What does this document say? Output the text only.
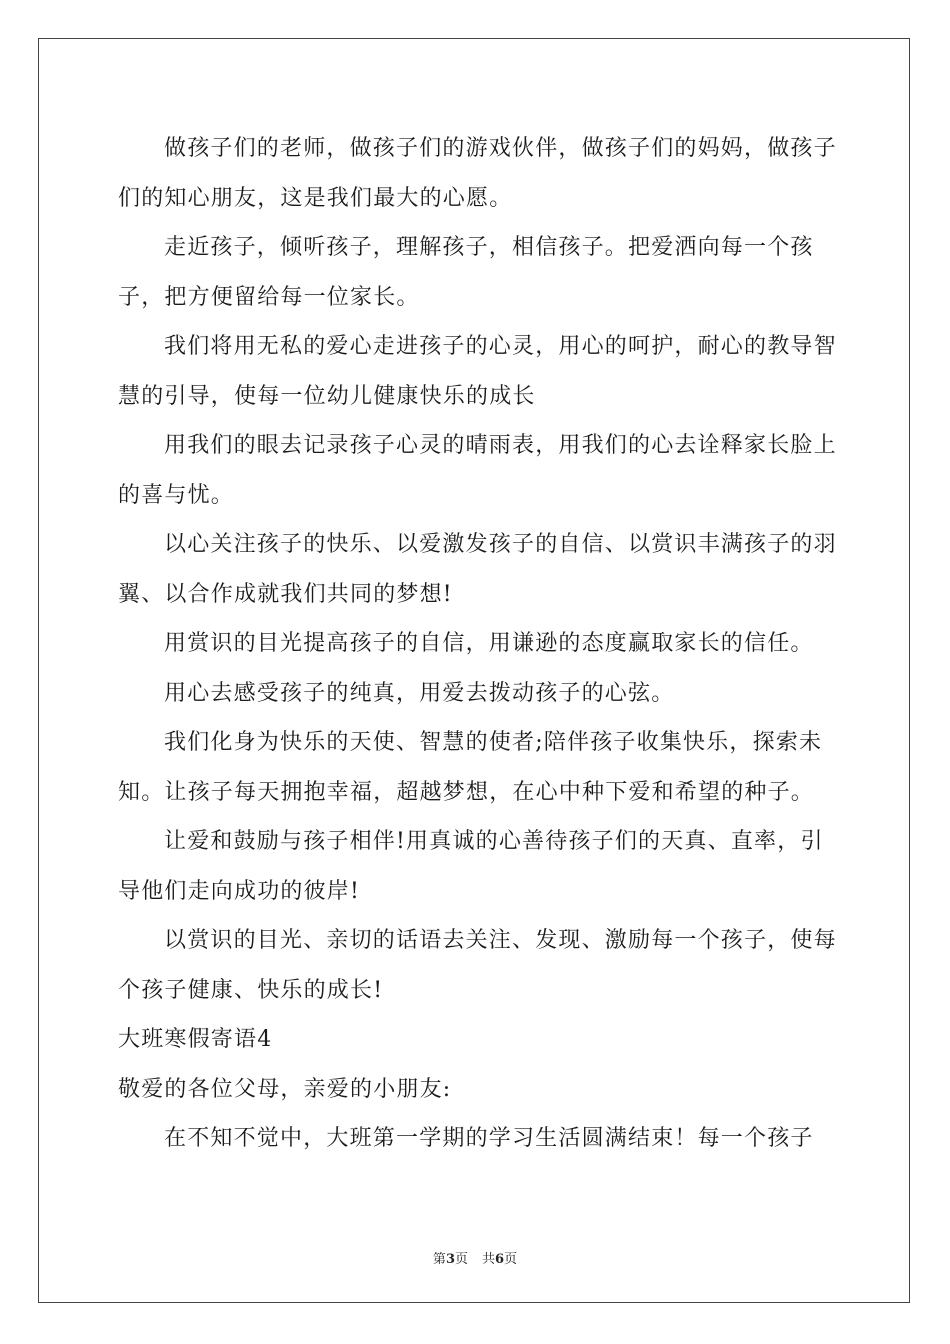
做孩子们的老师，做孩子们的游戏伙伴，做孩子们的妈妈，做孩子们的知心朋友，这是我们最大的心愿。

走近孩子，倾听孩子，理解孩子，相信孩子。把爱洒向每一个孩子，把方便留给每一位家长。

我们将用无私的爱心走进孩子的心灵，用心的呵护，耐心的教导智慧的引导，使每一位幼儿健康快乐的成长

用我们的眼去记录孩子心灵的晴雨表，用我们的心去诠释家长脸上的喜与忧。

以心关注孩子的快乐、以爱激发孩子的自信、以赏识丰满孩子的羽翼、以合作成就我们共同的梦想!

用赏识的目光提高孩子的自信，用谦逊的态度赢取家长的信任。

用心去感受孩子的纯真，用爱去拨动孩子的心弦。

我们化身为快乐的天使、智慧的使者;陪伴孩子收集快乐，探索未知。让孩子每天拥抱幸福，超越梦想，在心中种下爱和希望的种子。

让爱和鼓励与孩子相伴!用真诚的心善待孩子们的天真、直率，引导他们走向成功的彼岸!

以赏识的目光、亲切的话语去关注、发现、激励每一个孩子，使每个孩子健康、快乐的成长!

大班寒假寄语4

敬爱的各位父母，亲爱的小朋友:

在不知不觉中，大班第一学期的学习生活圆满结束！每一个孩子

第3页 共6页
